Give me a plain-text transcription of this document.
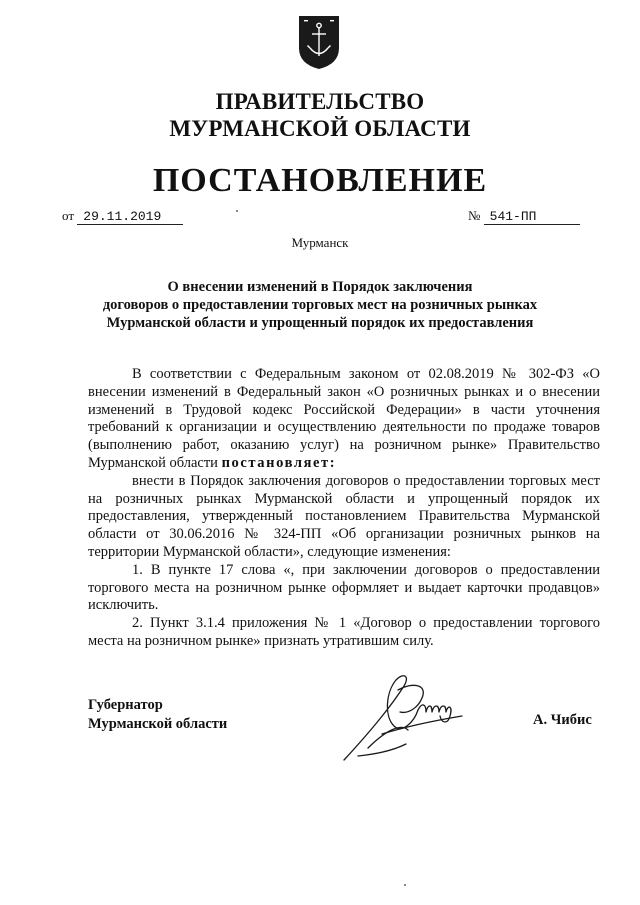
ПРАВИТЕЛЬСТВО
МУРМАНСКОЙ ОБЛАСТИ
ПОСТАНОВЛЕНИЕ
от 29.11.2019	№ 541-ПП
Мурманск
О внесении изменений в Порядок заключения
договоров о предоставлении торговых мест на розничных рынках
Мурманской области и упрощенный порядок их предоставления

В соответствии с Федеральным законом от 02.08.2019 № 302-ФЗ «О внесении изменений в Федеральный закон «О розничных рынках и о внесении изменений в Трудовой кодекс Российской Федерации» в части уточнения требований к организации и осуществлению деятельности по продаже товаров (выполнению работ, оказанию услуг) на розничном рынке» Правительство Мурманской области постановляет:

внести в Порядок заключения договоров о предоставлении торговых мест на розничных рынках Мурманской области и упрощенный порядок их предоставления, утвержденный постановлением Правительства Мурманской области от 30.06.2016 № 324-ПП «Об организации розничных рынков на территории Мурманской области», следующие изменения:

1. В пункте 17 слова «, при заключении договоров о предоставлении торгового места на розничном рынке оформляет и выдает карточки продавцов» исключить.

2. Пункт 3.1.4 приложения № 1 «Договор о предоставлении торгового места на розничном рынке» признать утратившим силу.

Губернатор
Мурманской области	А. Чибис
